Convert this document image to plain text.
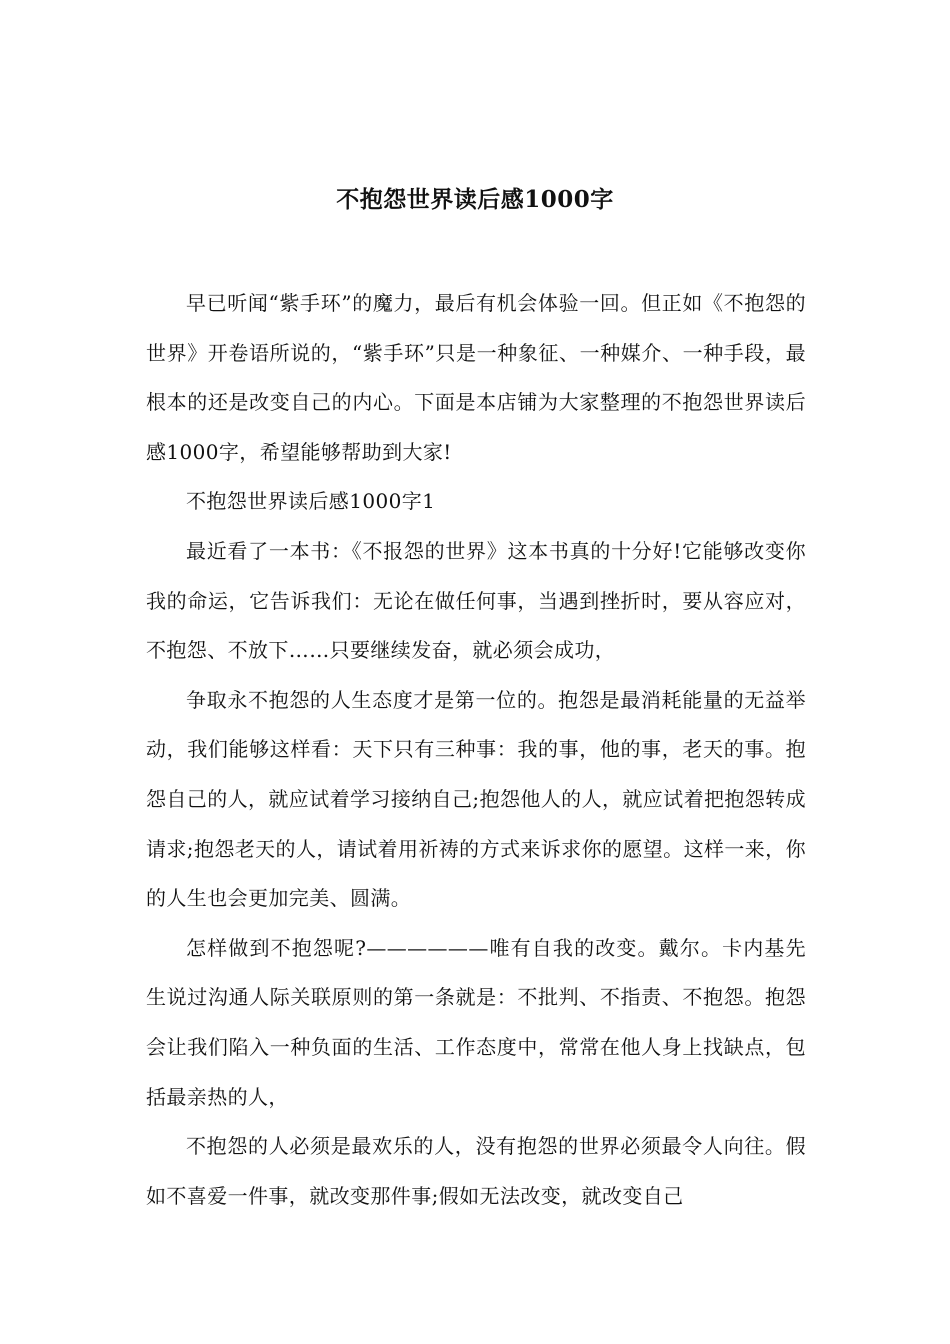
不抱怨世界读后感1000字

早已听闻“紫手环”的魔力，最后有机会体验一回。但正如《不抱怨的世界》开卷语所说的，“紫手环”只是一种象征、一种媒介、一种手段，最根本的还是改变自己的内心。下面是本店铺为大家整理的不抱怨世界读后感1000字，希望能够帮助到大家!

不抱怨世界读后感1000字1

最近看了一本书：《不报怨的世界》这本书真的十分好!它能够改变你我的命运，它告诉我们：无论在做任何事，当遇到挫折时，要从容应对，不抱怨、不放下……只要继续发奋，就必须会成功，

争取永不抱怨的人生态度才是第一位的。抱怨是最消耗能量的无益举动，我们能够这样看：天下只有三种事：我的事，他的事，老天的事。抱怨自己的人，就应试着学习接纳自己;抱怨他人的人，就应试着把抱怨转成请求;抱怨老天的人，请试着用祈祷的方式来诉求你的愿望。这样一来，你的人生也会更加完美、圆满。

怎样做到不抱怨呢?——————唯有自我的改变。戴尔。卡内基先生说过沟通人际关联原则的第一条就是：不批判、不指责、不抱怨。抱怨会让我们陷入一种负面的生活、工作态度中，常常在他人身上找缺点，包括最亲热的人，

不抱怨的人必须是最欢乐的人，没有抱怨的世界必须最令人向往。假如不喜爱一件事，就改变那件事;假如无法改变，就改变自己
